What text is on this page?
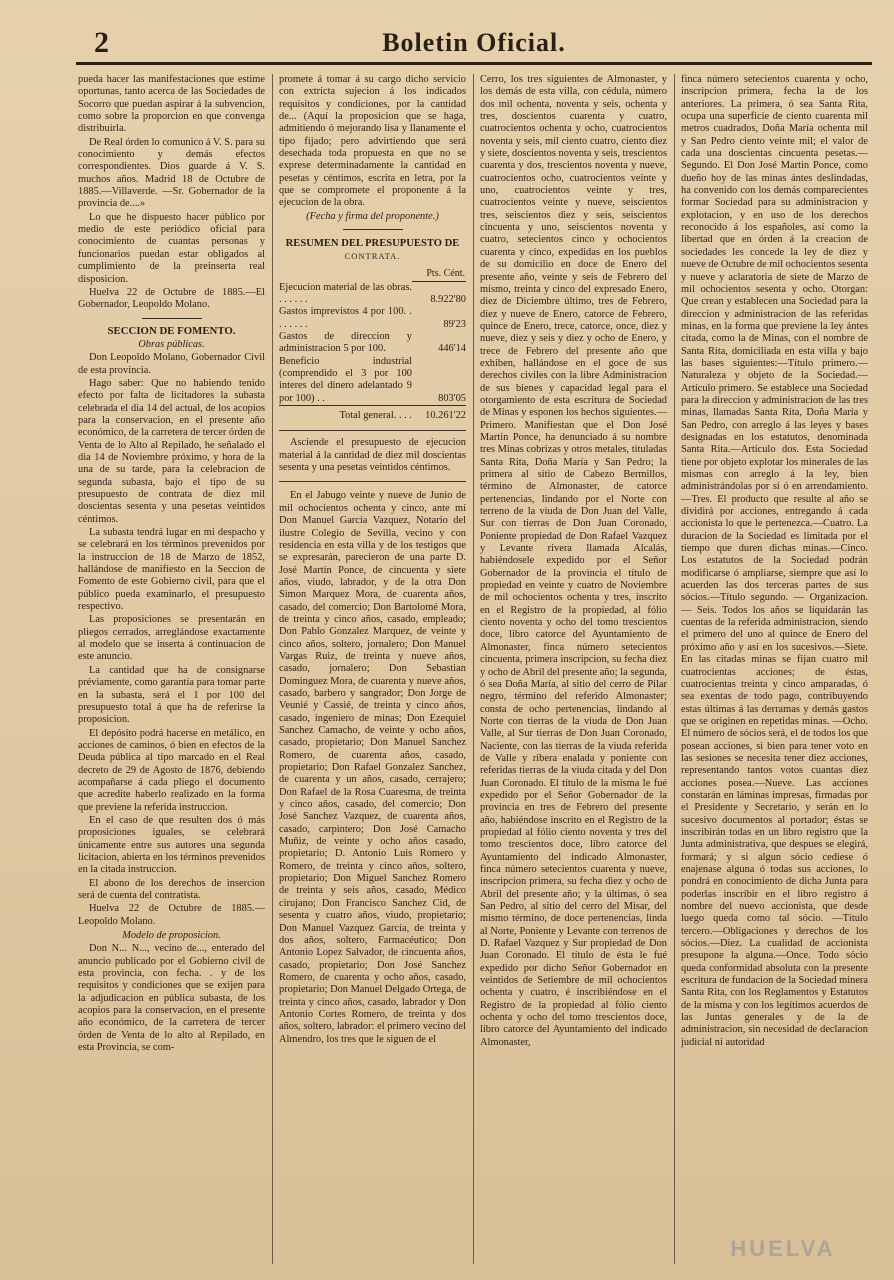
2	Boletin Oficial.

pueda hacer las manifestaciones que estime oportunas, tanto acerca de las Sociedades de Socorro que puedan aspirar á la subvencion, como sobre la proporcion en que convenga distribuirla.

De Real órden lo comunico á V. S. para su conocimiento y demás efectos correspondientes. Dios guarde á V. S. muchos años. Madrid 18 de Octubre de 1885.—Villaverde. —Sr. Gobernador de la provincia de....»

Lo que he dispuesto hacer público por medio de este periódico oficial para conocimiento de cuantas personas y funcionarios puedan estar obligados al cumplimiento de la preinserta real disposicion.

Huelva 22 de Octubre de 1885.—El Gobernador, Leopoldo Molano.

SECCION DE FOMENTO.
Obras públicas.

Don Leopoldo Molano, Gobernador Civil de esta provincia.

Hago saber: Que no habiendo tenido efecto por falta de licitadores la subasta celebrada el dia 14 del actual, de los acopios para la conservacion, en el presente año económico, de la carretera de tercer órden de Venta de lo Alto al Repilado, he señalado el dia 14 de Noviembre próximo, y hora de la una de su tarde, para la celebracion de segunda subasta, bajo el tipo de su presupuesto de contrata de diez mil doscientas sesenta y una pesetas veintidos céntimos.

La subasta tendrá lugar en mi despacho y se celebrará en los términos prevenidos por la instruccion de 18 de Marzo de 1852, hallándose de manifiesto en la Seccion de Fomento de este Gobierno civil, para que el público pueda examinarlo, el presupuesto respectivo.

Las proposiciones se presentarán en pliegos cerrados, arreglándose exactamente al modelo que se inserta á continuacion de este anuncio.

La cantidad que ha de consignarse préviamente, como garantía para tomar parte en la subasta, será el 1 por 100 del presupuesto total á que ha de referirse la proposicion.

El depósito podrá hacerse en metálico, en acciones de caminos, ó bien en efectos de la Deuda pública al tipo marcado en el Real decreto de 29 de Agosto de 1876, debiendo acompañarse á cada pliego el documento que acredite haberlo realizado en la forma que previene la referida instruccion.

En el caso de que resulten dos ó más proposiciones iguales, se celebrará únicamente entre sus autores una segunda licitacion, abierta en los términos prevenidos en la citada instruccion.

El abono de los derechos de insercion será de cuenta del contratista.

Huelva 22 de Octubre de 1885.—Leopoldo Molano.

Modelo de proposicion.

Don N... N..., vecino de..., enterado del anuncio publicado por el Gobierno civil de esta provincia, con fecha. . y de los requisitos y condiciones que se exijen para la adjudicacion en pública subasta, de los acopios para la conservacion, en el presente año económico, de la carretera de tercer órden de Venta de lo alto al Repilado, en esta Provincia, se com-

promete á tomar á su cargo dicho servicio con extricta sujecion á los indicados requisitos y condiciones, por la cantidad de... (Aquí la proposicion que se haga, admitiendo ó mejorando lisa y llanamente el tipo fijado; pero advirtiendo que será desechada toda propuesta en que no se exprese determinadamente la cantidad en pesetas y céntimos, escrita en letra, por la que se compromete el proponente á la ejecucion de la obra.

(Fecha y firma del proponente.)
RESUMEN DEL PRESUPUESTO DE
CONTRATA.
	Pts. Cént.
Ejecucion material de las obras. . . . . . .	8.922'80
Gastos imprevistos 4 por 100. . . . . . . .	89'23
Gastos de direccion y administracion 5 por 100.	446'14
Beneficio industrial (comprendido el 3 por 100 interes del dinero adelantado 9 por 100) . .	803'05
Total general. . . .	10.261'22

Asciende el presupuesto de ejecucion material á la cantidad de diez mil doscientas sesenta y una pesetas veintidos céntimos.

En el Jabugo veinte y nueve de Junio de mil ochocientos ochenta y cinco, ante mí Don Manuel García Vazquez, Notario del ilustre Colegio de Sevilla, vecino y con residencia en esta villa y de los testigos que se expresarán, parecieron de una parte D. José Martin Ponce, de cincuenta y siete años, viudo, labrador, y de la otra Don Simon Marquez Mora, de cuarenta años, casado, del comercio; Don Bartolomé Mora, de treinta y cinco años, casado, empleado; Don Pablo Gonzalez Marquez, de veinte y cinco años, soltero, jornalero; Don Manuel Vargas Ruiz, de treinta y nueve años, casado, jornalero; Don Sebastian Dominguez Mora, de cuarenta y nueve años, casado, barbero y sangrador; Don Jorge de Veunié y Cassié, de treinta y cinco años, casado, ingeniero de minas; Don Ezequiel Sanchez Camacho, de veinte y ocho años, casado, propietario; Don Manuel Sanchez Romero, de cuarenta años, casado, propietario; Don Rafael Gonzalez Sanchez, de cuarenta y un años, casado, cerrajero; Don Rafael de la Rosa Cuaresma, de treinta y cinco años, casado, del comercio; Don José Sanchez Vazquez, de cuarenta años, casado, carpintero; Don José Camacho Muñiz, de veinte y ocho años casado, propietario; D. Antonio Luis Romero y Romero, de treinta y cinco años, soltero, propietario; Don Miguel Sanchez Romero de treinta y seis años, casado, Médico cirujano; Don Francisco Sanchez Cid, de sesenta y cuatro años, viudo, propietario; Don Manuel Vazquez García, de treinta y dos años, soltero, Farmacéutico; Don Antonio Lopez Salvador, de cincuenta años, casado, propietario; Don José Sanchez Romero, de cuarenta y ocho años, casado, propietario; Don Manuel Delgado Ortega, de treinta y cinco años, casado, labrador y Don Antonio Cortes Romero, de treinta y dos años, soltero, labrador: el primero vecino del Almendro, los tres que le siguen de el

Cerro, los tres siguientes de Almonaster, y los demás de esta villa, con cédula, número dos mil ochenta, noventa y seis, ochenta y tres, doscientos cuarenta y cuatro, cuatrocientos ochenta y ocho, cuatrocientos noventa y seis, mil ciento cuatro, ciento diez y siete, doscientos noventa y seis, trescientos cuarenta y dos, trescientos noventa y nueve, cuatrocientos ocho, cuatrocientos veinte y uno, cuatrocientos veinte y tres, cuatrocientos veinte y nueve, seiscientos tres, seiscientos diez y seis, seiscientos cincuenta y uno, seiscientos noventa y cuatro, setecientos cinco y ochocientos cuarenta y cinco, expedidas en los pueblos de su domicilio en doce de Enero del presente año, veinte y seis de Febrero del mismo, treinta y cinco del expresado Enero, diez de Diciembre último, tres de Febrero, diez y nueve de Enero, catorce de Febrero, quince de Enero, trece, catorce, once, diez y nueve, diez y seis y diez y ocho de Enero, y trece de Febrero del presente año que exhiben, hallándose en el goce de sus derechos civiles con la libre Administracion de sus bienes y capacidad legal para el otorgamiento de esta escritura de Sociedad de Minas y esponen los hechos siguientes.—Primero. Manifiestan que el Don José Martin Ponce, ha denunciado á su nombre tres Minas cobrizas y otros metales, tituladas Santa Rita, Doña María y San Pedro; la primera al sitio de Cabezo Bermillos, término de Almonaster, de catorce pertenencias, lindando por el Norte con terreno de la viuda de Don Juan del Valle, Sur con tierras de Don Juan Coronado, Poniente propiedad de Don Rafael Vazquez y Levante rivera llamada Alcalás, habiéndosele expedido por el Señor Gobernador de la provincia el título de propiedad en veinte y cuatro de Noviembre de mil ochocientos ochenta y tres, inscrito en el Registro de la propiedad, al fólio ciento noventa y ocho del tomo trescientos doce, libro catorce del Ayuntamiento de Almonaster, finca número setecientos cincuenta, primera inscripcion, su fecha diez y ocho de Abril del presente año; la segunda, ó sea Doña María, al sitio del cerro de Pilar negro, término del referido Almonaster; consta de ocho pertenencias, lindando al Norte con tierras de la viuda de Don Juan Valle, al Sur tierras de Don Juan Coronado, Naciente, con las tierras de la viuda referida de Valle y ribera enalada y poniente con referidas tierras de la viuda citada y del Don Juan Coronado. El título de la misma le fué expedido por el Señor Gobernador de la provincia en tres de Febrero del presente año, habiéndose inscrito en el Registro de la propiedad al fólio ciento noventa y tres del tomo trescientos doce, libro catorce del Ayuntamiento del indicado Almonaster, finca número setecientos cuarenta y nueve, inscripcion primera, su fecha diez y ocho de Abril del presente año; y la últimas, ó sea San Pedro, al sitio del cerro del Misar, del mismo término, de doce pertenencias, linda al Norte, Poniente y Levante con terrenos de D. Rafael Vazquez y Sur propiedad de Don Juan Coronado. El título de ésta le fué expedido por dicho Señor Gobernador en veintidos de Setiembre de mil ochocientos ochenta y cuatro, é inscribiéndose en el Registro de la propiedad al fólio ciento ochenta y ocho del tomo trescientos doce, libro catorce del Ayuntamiento del indicado Almonaster,

finca número setecientos cuarenta y ocho, inscripcion primera, fecha la de los anteriores. La primera, ó sea Santa Rita, ocupa una superficie de ciento cuarenta mil metros cuadrados, Doña María ochenta mil y San Pedro ciento veinte mil; el valor de cada una doscientas cincuenta pesetas.—Segundo. El Don José Martin Ponce, como dueño hoy de las minas ántes deslindadas, ha convenido con los demás comparecientes formar Sociedad para su administracion y explotacion, y en uso de los derechos reconocido á los españoles, así como la libertad que en órden á la creacion de sociedades les concede la ley de diez y nueve de Octubre de mil ochocientos sesenta y nueve y aclaratoria de siete de Marzo de mil ochocientos sesenta y ocho. Otorgan: Que crean y establecen una Sociedad para la direccion y administracion de las referidas minas, en la forma que previene la ley ántes citada, como la de Minas, con el nombre de Santa Rita, domiciliada en esta villa y bajo las bases siguientes:—Título primero.—Naturaleza y objeto de la Sociedad.—Artículo primero. Se establece una Sociedad para la direccion y administracion de las tres minas, llamadas Santa Rita, Doña María y San Pedro, con arreglo á las leyes y bases designadas en los estatutos, denominada Santa Rita.—Artículo dos. Esta Sociedad tiene por objeto explotar los minerales de las mismas con arreglo á la ley, bien administrándolas por sí ó en arrendamiento. —Tres. El producto que resulte al año se dividirá por acciones, entregando á cada accionista lo que le pertenezca.—Cuatro. La duracion de la Sociedad es limitada por el tiempo que duren dichas minas.—Cinco. Los estatutos de la Sociedad podrán modificarse ó ampliarse, siempre que así lo acuerden las dos terceras partes de sus sócios.—Título segundo. — Organizacion. — Seis. Todos los años se liquidarán las cuentas de la referida administracion, siendo el primero del uno al quince de Enero del próximo año y así en los sucesivos.—Siete. En las citadas minas se fijan cuatro mil cuatrocientas acciones; de éstas, cuatrocientas treinta y cinco amparadas, ó sea exentas de todo pago, contribuyendo estas últimas á las derramas y demás gastos que se originen en repetidas minas. —Ocho. El número de sócios será, el de todos los que posean acciones, si bien para tener voto en las sesiones se necesita tener diez acciones, representando tantos votos cuantas diez acciones posea.—Nueve. Las acciones constarán en láminas impresas, firmadas por el Presidente y Secretario, y serán en lo sucesivo documentos al portador; éstas se inscribirán todas en un libro registro que la Junta administrativa, que despues se elegirá, formará; y si algun sócio cediese ó enajenase alguna ó todas sus acciones, lo pondrá en conocimiento de dicha Junta para poderlas inscribir en el libro registro á nombre del nuevo accionista, que desde luego queda como tal sócio. —Título tercero.—Obligaciones y derechos de los sócios.—Diez. La cualidad de accionista presupone la alguna.—Once. Todo sócio queda conformidad absoluta con la presente escritura de fundacion de la Sociedad minera Santa Rita, con los Reglamentos y Estatutos de la misma y con los legítimos acuerdos de las Juntas generales y de la de administracion, sin necesidad de declaracion judicial ni autoridad

HUELVA
